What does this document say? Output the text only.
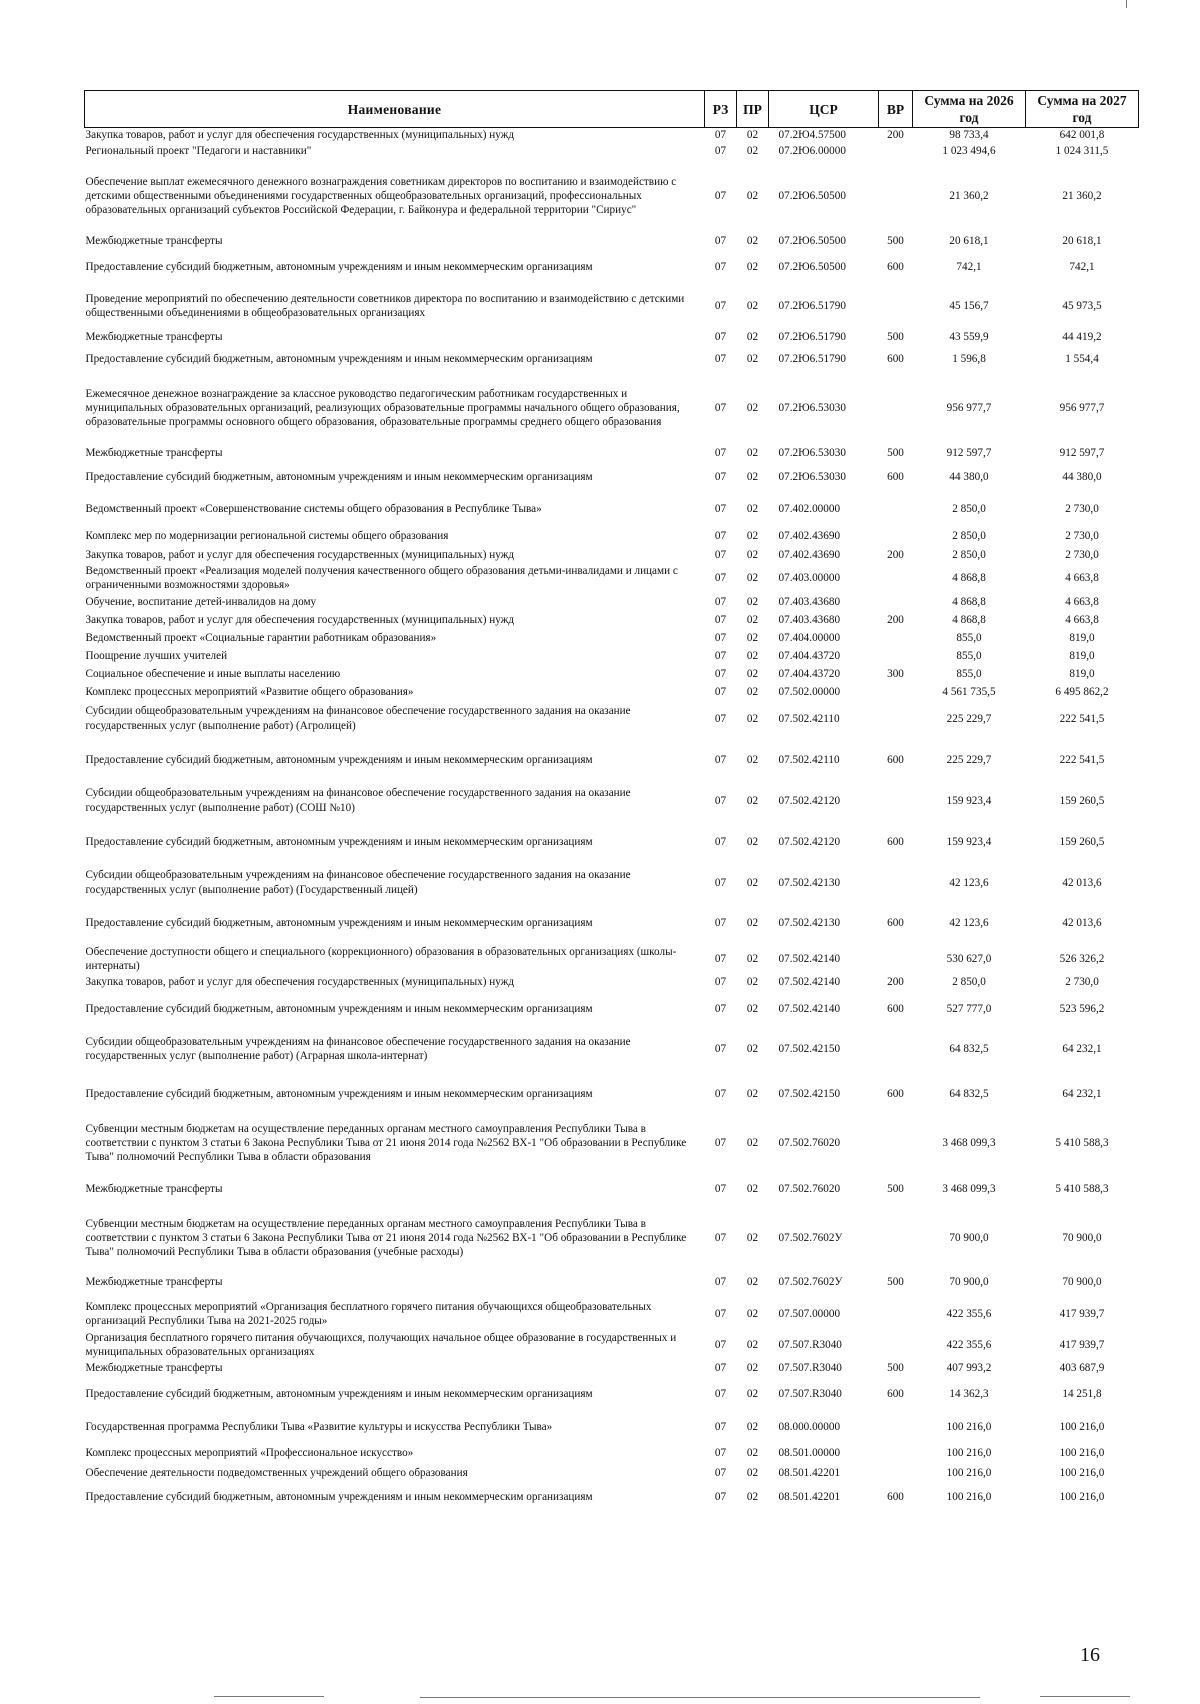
Наименование	РЗ	ПР	ЦСР	ВР	Сумма на 2026 год	Сумма на 2027 год
Закупка товаров, работ и услуг для обеспечения государственных (муниципальных) нужд	07	02	07.2Ю4.57500	200	98 733,4	642 001,8
Региональный проект "Педагоги и наставники"	07	02	07.2Ю6.00000		1 023 494,6	1 024 311,5
Обеспечение выплат ежемесячного денежного вознаграждения советникам директоров по воспитанию и взаимодействию с детскими общественными объединениями государственных общеобразовательных организаций, профессиональных образовательных организаций субъектов Российской Федерации, г. Байконура и федеральной территории "Сириус"	07	02	07.2Ю6.50500		21 360,2	21 360,2
Межбюджетные трансферты	07	02	07.2Ю6.50500	500	20 618,1	20 618,1
Предоставление субсидий бюджетным, автономным учреждениям и иным некоммерческим организациям	07	02	07.2Ю6.50500	600	742,1	742,1
Проведение мероприятий по обеспечению деятельности советников директора по воспитанию и взаимодействию с детскими общественными объединениями в общеобразовательных организациях	07	02	07.2Ю6.51790		45 156,7	45 973,5
Межбюджетные трансферты	07	02	07.2Ю6.51790	500	43 559,9	44 419,2
Предоставление субсидий бюджетным, автономным учреждениям и иным некоммерческим организациям	07	02	07.2Ю6.51790	600	1 596,8	1 554,4
Ежемесячное денежное вознаграждение за классное руководство педагогическим работникам государственных и муниципальных образовательных организаций, реализующих образовательные программы начального общего образования, образовательные программы основного общего образования, образовательные программы среднего общего образования	07	02	07.2Ю6.53030		956 977,7	956 977,7
Межбюджетные трансферты	07	02	07.2Ю6.53030	500	912 597,7	912 597,7
Предоставление субсидий бюджетным, автономным учреждениям и иным некоммерческим организациям	07	02	07.2Ю6.53030	600	44 380,0	44 380,0
Ведомственный проект «Совершенствование системы общего образования в Республике Тыва»	07	02	07.402.00000		2 850,0	2 730,0
Комплекс мер по модернизации региональной системы общего образования	07	02	07.402.43690		2 850,0	2 730,0
Закупка товаров, работ и услуг для обеспечения государственных (муниципальных) нужд	07	02	07.402.43690	200	2 850,0	2 730,0
Ведомственный проект «Реализация моделей получения качественного общего образования детьми-инвалидами и лицами с ограниченными возможностями здоровья»	07	02	07.403.00000		4 868,8	4 663,8
Обучение, воспитание детей-инвалидов на дому	07	02	07.403.43680		4 868,8	4 663,8
Закупка товаров, работ и услуг для обеспечения государственных (муниципальных) нужд	07	02	07.403.43680	200	4 868,8	4 663,8
Ведомственный проект «Социальные гарантии работникам образования»	07	02	07.404.00000		855,0	819,0
Поощрение лучших учителей	07	02	07.404.43720		855,0	819,0
Социальное обеспечение и иные выплаты населению	07	02	07.404.43720	300	855,0	819,0
Комплекс процессных мероприятий «Развитие общего образования»	07	02	07.502.00000		4 561 735,5	6 495 862,2
Субсидии общеобразовательным учреждениям на финансовое обеспечение государственного задания на оказание государственных услуг (выполнение работ) (Агролицей)	07	02	07.502.42110		225 229,7	222 541,5
Предоставление субсидий бюджетным, автономным учреждениям и иным некоммерческим организациям	07	02	07.502.42110	600	225 229,7	222 541,5
Субсидии общеобразовательным учреждениям на финансовое обеспечение государственного задания на оказание государственных услуг (выполнение работ) (СОШ №10)	07	02	07.502.42120		159 923,4	159 260,5
Предоставление субсидий бюджетным, автономным учреждениям и иным некоммерческим организациям	07	02	07.502.42120	600	159 923,4	159 260,5
Субсидии общеобразовательным учреждениям на финансовое обеспечение государственного задания на оказание государственных услуг (выполнение работ) (Государственный лицей)	07	02	07.502.42130		42 123,6	42 013,6
Предоставление субсидий бюджетным, автономным учреждениям и иным некоммерческим организациям	07	02	07.502.42130	600	42 123,6	42 013,6
Обеспечение доступности общего и специального (коррекционного) образования в образовательных организациях (школы-интернаты)	07	02	07.502.42140		530 627,0	526 326,2
Закупка товаров, работ и услуг для обеспечения государственных (муниципальных) нужд	07	02	07.502.42140	200	2 850,0	2 730,0
Предоставление субсидий бюджетным, автономным учреждениям и иным некоммерческим организациям	07	02	07.502.42140	600	527 777,0	523 596,2
Субсидии общеобразовательным учреждениям на финансовое обеспечение государственного задания на оказание государственных услуг (выполнение работ) (Аграрная школа-интернат)	07	02	07.502.42150		64 832,5	64 232,1
Предоставление субсидий бюджетным, автономным учреждениям и иным некоммерческим организациям	07	02	07.502.42150	600	64 832,5	64 232,1
Субвенции местным бюджетам на осуществление переданных органам местного самоуправления Республики Тыва в соответствии с пунктом 3 статьи 6 Закона Республики Тыва от 21 июня 2014 года №2562 ВХ-1 "Об образовании в Республике Тыва" полномочий Республики Тыва в области образования	07	02	07.502.76020		3 468 099,3	5 410 588,3
Межбюджетные трансферты	07	02	07.502.76020	500	3 468 099,3	5 410 588,3
Субвенции местным бюджетам на осуществление переданных органам местного самоуправления Республики Тыва в соответствии с пунктом 3 статьи 6 Закона Республики Тыва от 21 июня 2014 года №2562 ВХ-1 "Об образовании в Республике Тыва" полномочий Республики Тыва в области образования (учебные расходы)	07	02	07.502.7602У		70 900,0	70 900,0
Межбюджетные трансферты	07	02	07.502.7602У	500	70 900,0	70 900,0
Комплекс процессных мероприятий «Организация бесплатного горячего питания обучающихся общеобразовательных организаций Республики Тыва на 2021-2025 годы»	07	02	07.507.00000		422 355,6	417 939,7
Организация бесплатного горячего питания обучающихся, получающих начальное общее образование в государственных и муниципальных образовательных организациях	07	02	07.507.R3040		422 355,6	417 939,7
Межбюджетные трансферты	07	02	07.507.R3040	500	407 993,2	403 687,9
Предоставление субсидий бюджетным, автономным учреждениям и иным некоммерческим организациям	07	02	07.507.R3040	600	14 362,3	14 251,8
Государственная программа Республики Тыва «Развитие культуры и искусства Республики Тыва»	07	02	08.000.00000		100 216,0	100 216,0
Комплекс процессных мероприятий «Профессиональное искусство»	07	02	08.501.00000		100 216,0	100 216,0
Обеспечение деятельности подведомственных учреждений общего образования	07	02	08.501.42201		100 216,0	100 216,0
Предоставление субсидий бюджетным, автономным учреждениям и иным некоммерческим организациям	07	02	08.501.42201	600	100 216,0	100 216,0
16
